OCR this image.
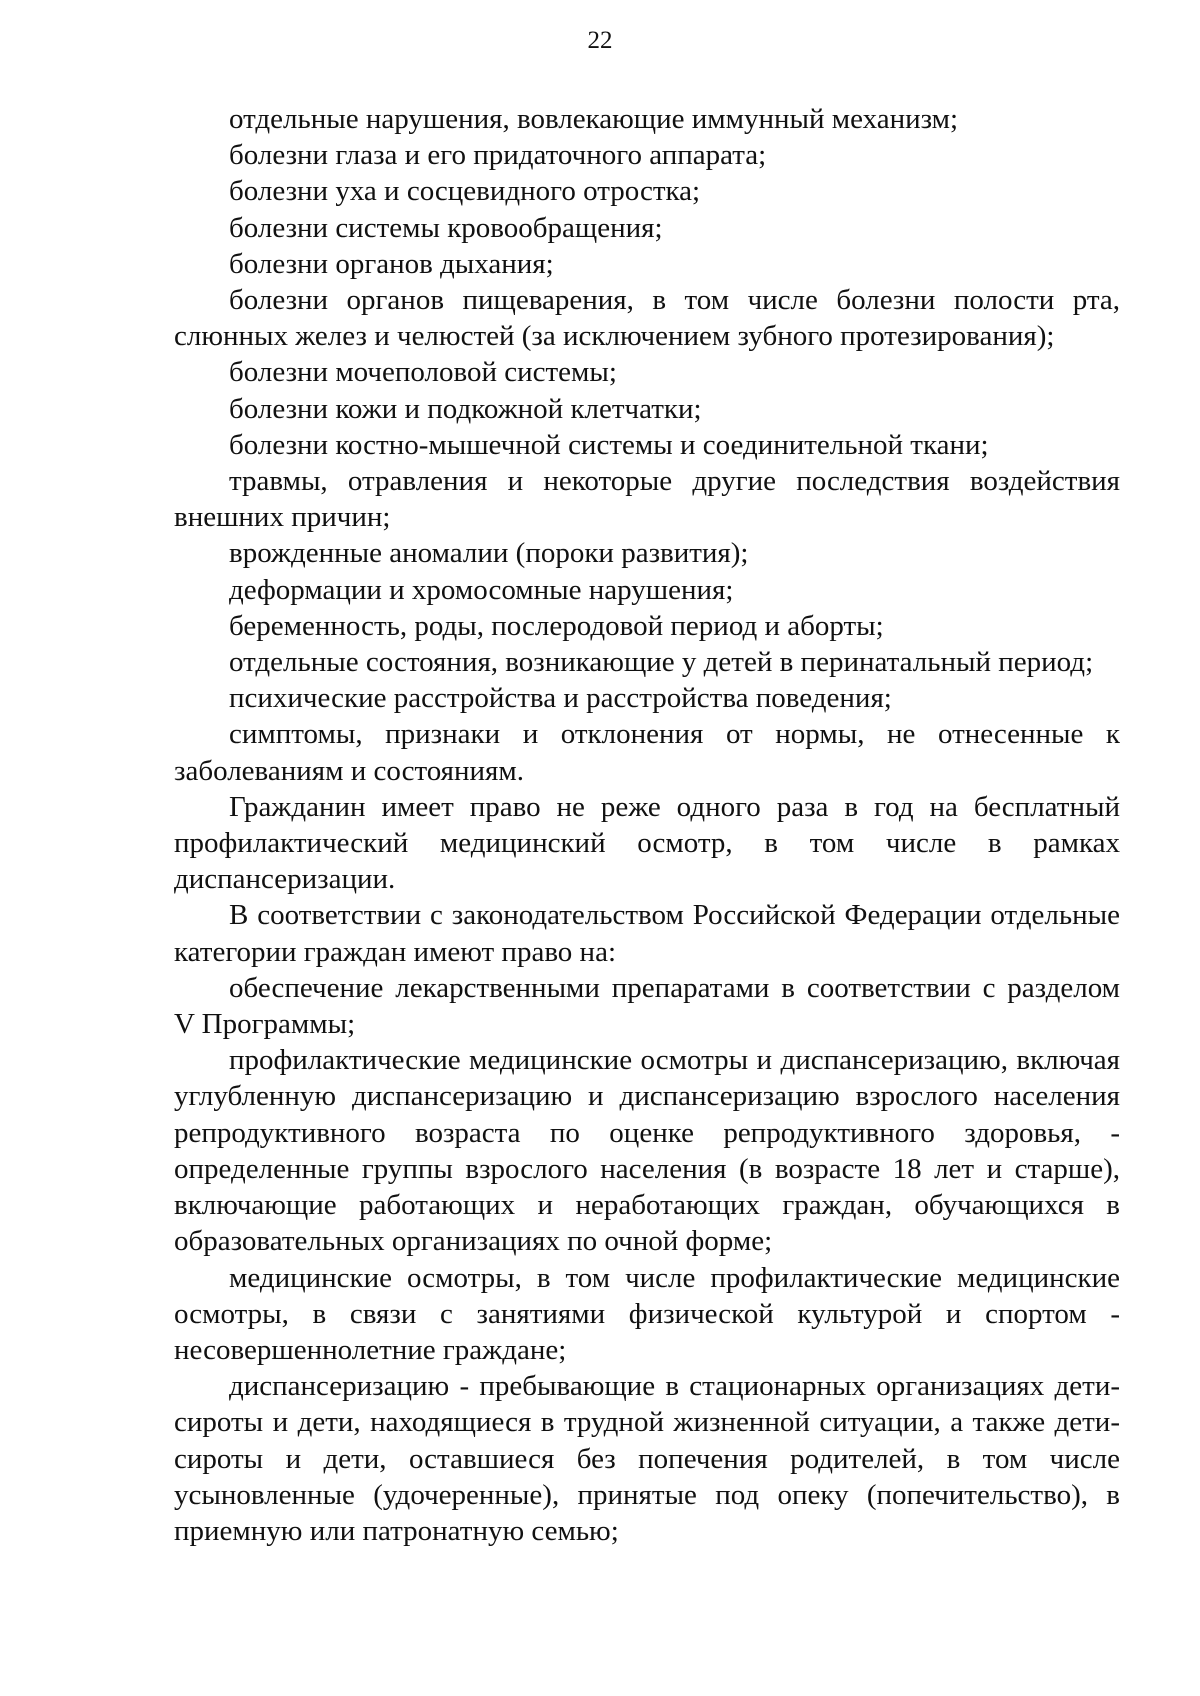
22

отдельные нарушения, вовлекающие иммунный механизм;

болезни глаза и его придаточного аппарата;

болезни уха и сосцевидного отростка;

болезни системы кровообращения;

болезни органов дыхания;

болезни органов пищеварения, в том числе болезни полости рта, слюнных желез и челюстей (за исключением зубного протезирования);

болезни мочеполовой системы;

болезни кожи и подкожной клетчатки;

болезни костно-мышечной системы и соединительной ткани;

травмы, отравления и некоторые другие последствия воздействия внешних причин;

врожденные аномалии (пороки развития);

деформации и хромосомные нарушения;

беременность, роды, послеродовой период и аборты;

отдельные состояния, возникающие у детей в перинатальный период;

психические расстройства и расстройства поведения;

симптомы, признаки и отклонения от нормы, не отнесенные к заболеваниям и состояниям.

Гражданин имеет право не реже одного раза в год на бесплатный профилактический медицинский осмотр, в том числе в рамках диспансеризации.

В соответствии с законодательством Российской Федерации отдельные категории граждан имеют право на:

обеспечение лекарственными препаратами в соответствии с разделом V Программы;

профилактические медицинские осмотры и диспансеризацию, включая углубленную диспансеризацию и диспансеризацию взрослого населения репродуктивного возраста по оценке репродуктивного здоровья, - определенные группы взрослого населения (в возрасте 18 лет и старше), включающие работающих и неработающих граждан, обучающихся в образовательных организациях по очной форме;

медицинские осмотры, в том числе профилактические медицинские осмотры, в связи с занятиями физической культурой и спортом - несовершеннолетние граждане;

диспансеризацию - пребывающие в стационарных организациях дети-сироты и дети, находящиеся в трудной жизненной ситуации, а также дети-сироты и дети, оставшиеся без попечения родителей, в том числе усыновленные (удочеренные), принятые под опеку (попечительство), в приемную или патронатную семью;
